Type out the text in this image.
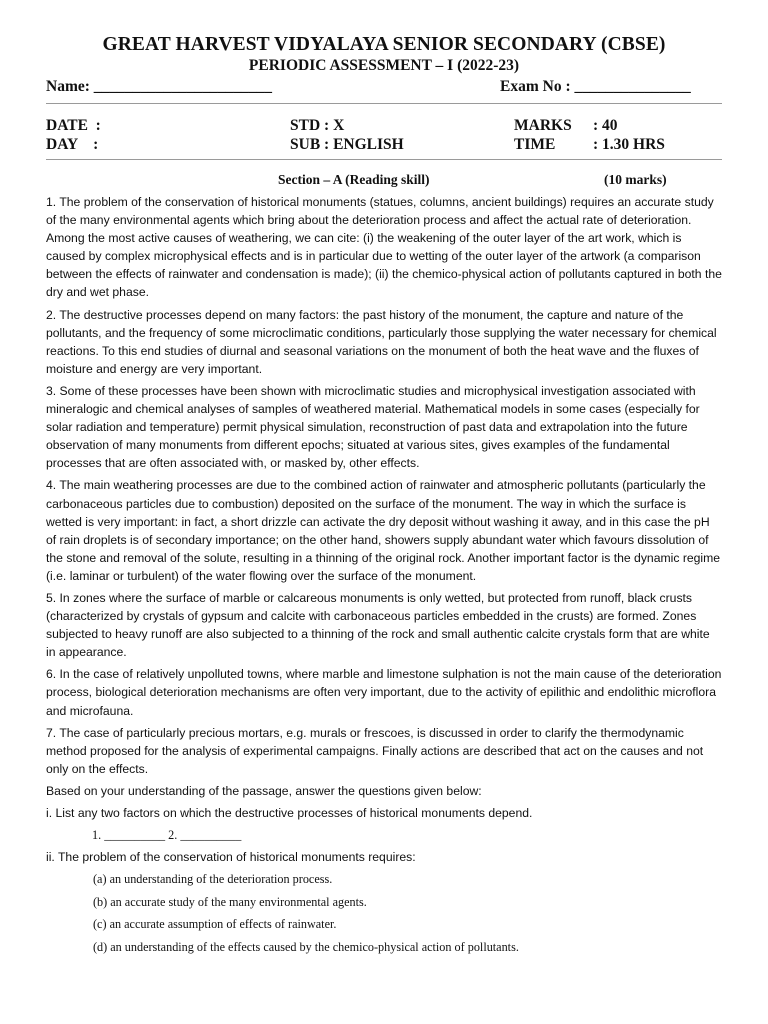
GREAT HARVEST VIDYALAYA SENIOR SECONDARY (CBSE)
PERIODIC ASSESSMENT – I (2022-23)
Name: _______________________	Exam No : _______________
DATE  :
DAY    :
STD : X
SUB : ENGLISH
MARKS : 40
TIME : 1.30 HRS
Section – A (Reading skill)	(10 marks)

1. The problem of the conservation of historical monuments (statues, columns, ancient buildings) requires an accurate study of the many environmental agents which bring about the deterioration process and affect the actual rate of deterioration. Among the most active causes of weathering, we can cite: (i) the weakening of the outer layer of the art work, which is caused by complex microphysical effects and is in particular due to wetting of the outer layer of the artwork (a comparison between the effects of rainwater and condensation is made); (ii) the chemico-physical action of pollutants captured in both the dry and wet phase.

2. The destructive processes depend on many factors: the past history of the monument, the capture and nature of the pollutants, and the frequency of some microclimatic conditions, particularly those supplying the water necessary for chemical reactions. To this end studies of diurnal and seasonal variations on the monument of both the heat wave and the fluxes of moisture and energy are very important.

3. Some of these processes have been shown with microclimatic studies and microphysical investigation associated with mineralogic and chemical analyses of samples of weathered material. Mathematical models in some cases (especially for solar radiation and temperature) permit physical simulation, reconstruction of past data and extrapolation into the future observation of many monuments from different epochs; situated at various sites, gives examples of the fundamental processes that are often associated with, or masked by, other effects.

4. The main weathering processes are due to the combined action of rainwater and atmospheric pollutants (particularly the carbonaceous particles due to combustion) deposited on the surface of the monument. The way in which the surface is wetted is very important: in fact, a short drizzle can activate the dry deposit without washing it away, and in this case the pH of rain droplets is of secondary importance; on the other hand, showers supply abundant water which favours dissolution of the stone and removal of the solute, resulting in a thinning of the original rock. Another important factor is the dynamic regime (i.e. laminar or turbulent) of the water flowing over the surface of the monument.

5. In zones where the surface of marble or calcareous monuments is only wetted, but protected from runoff, black crusts (characterized by crystals of gypsum and calcite with carbonaceous particles embedded in the crusts) are formed. Zones subjected to heavy runoff are also subjected to a thinning of the rock and small authentic calcite crystals form that are white in appearance.

6. In the case of relatively unpolluted towns, where marble and limestone sulphation is not the main cause of the deterioration process, biological deterioration mechanisms are often very important, due to the activity of epilithic and endolithic microflora and microfauna.

7. The case of particularly precious mortars, e.g. murals or frescoes, is discussed in order to clarify the thermodynamic method proposed for the analysis of experimental campaigns. Finally actions are described that act on the causes and not only on the effects.

Based on your understanding of the passage, answer the questions given below:

i. List any two factors on which the destructive processes of historical monuments depend.
1. __________ 2. __________
ii. The problem of the conservation of historical monuments requires:
(a) an understanding of the deterioration process.
(b) an accurate study of the many environmental agents.
(c) an accurate assumption of effects of rainwater.
(d) an understanding of the effects caused by the chemico-physical action of pollutants.
